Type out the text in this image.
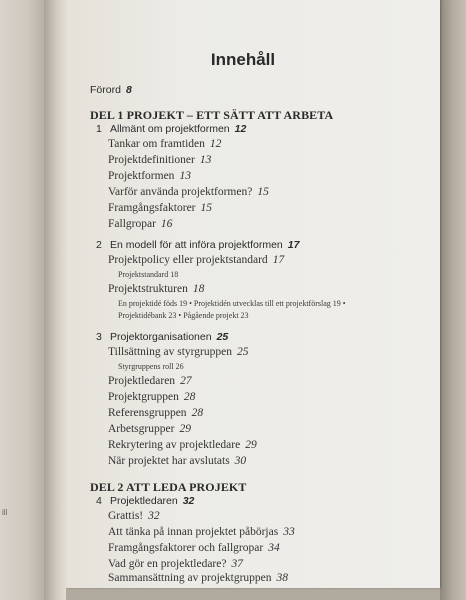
ill
Innehåll
Förord 8
DEL 1 PROJEKT – ETT SÄTT ATT ARBETA
1 Allmänt om projektformen 12
Tankar om framtiden 12
Projektdefinitioner 13
Projektformen 13
Varför använda projektformen? 15
Framgångsfaktorer 15
Fallgropar 16
2 En modell för att införa projektformen 17
Projektpolicy eller projektstandard 17
Projektstandard 18
Projektstrukturen 18
En projektidé föds 19 • Projektidén utvecklas till ett projektförslag 19 •
Projektidébank 23 • Pågående projekt 23
3 Projektorganisationen 25
Tillsättning av styrgruppen 25
Styrgruppens roll 26
Projektledaren 27
Projektgruppen 28
Referensgruppen 28
Arbetsgrupper 29
Rekrytering av projektledare 29
När projektet har avslutats 30
DEL 2 ATT LEDA PROJEKT
4 Projektledaren 32
Grattis! 32
Att tänka på innan projektet påbörjas 33
Framgångsfaktorer och fallgropar 34
Vad gör en projektledare? 37
Sammansättning av projektgruppen 38
